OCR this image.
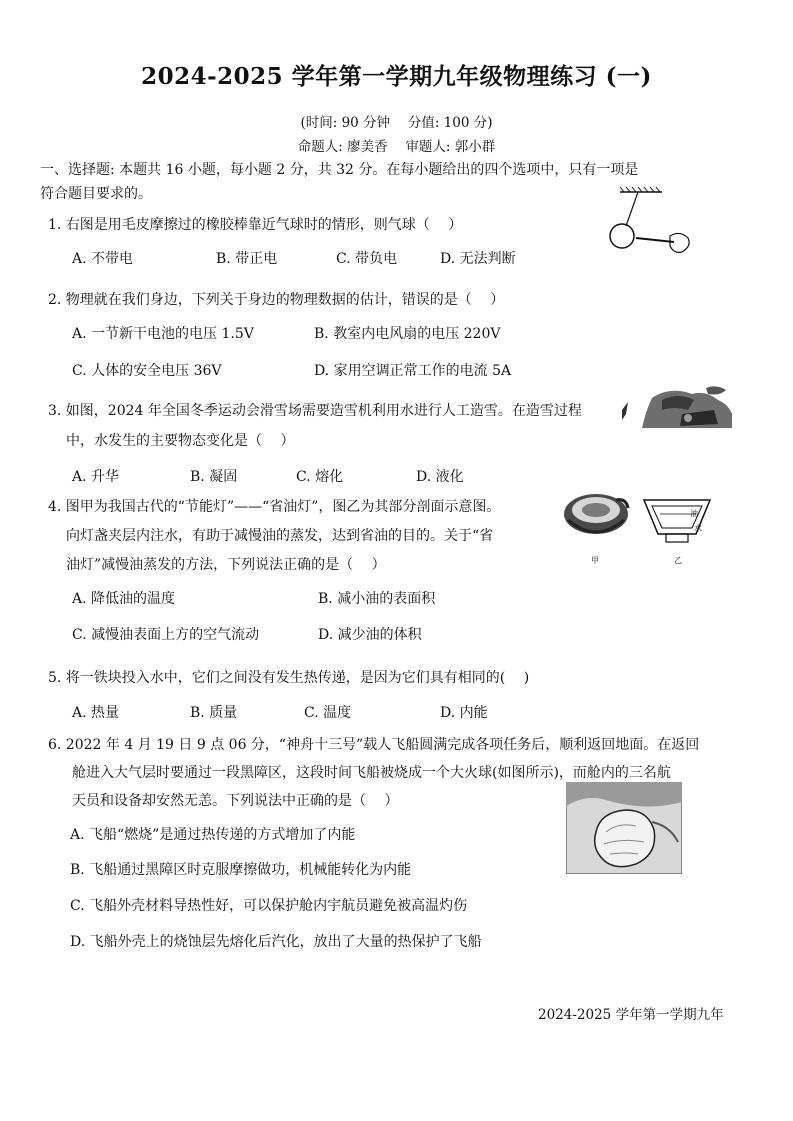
2024-2025 学年第一学期九年级物理练习 (一)
(时间: 90 分钟　 分值: 100 分)
命题人: 廖美香　 审题人: 郭小群
一、选择题: 本题共 16 小题，每小题 2 分，共 32 分。在每小题给出的四个选项中，只有一项是
符合题目要求的。
1. 右图是用毛皮摩擦过的橡胶棒靠近气球时的情形，则气球（　 ）
A. 不带电	B. 带正电	C. 带负电	D. 无法判断
2. 物理就在我们身边，下列关于身边的物理数据的估计，错误的是（　 ）
A. 一节新干电池的电压 1.5V	B. 教室内电风扇的电压 220V
C. 人体的安全电压 36V	D. 家用空调正常工作的电流 5A
3. 如图，2024 年全国冬季运动会滑雪场需要造雪机利用水进行人工造雪。在造雪过程
中，水发生的主要物态变化是（　 ）
A. 升华	B. 凝固	C. 熔化	D. 液化
4. 图甲为我国古代的“节能灯”——“省油灯”，图乙为其部分剖面示意图。
向灯盏夹层内注水，有助于减慢油的蒸发，达到省油的目的。关于“省
油灯”减慢油蒸发的方法，下列说法正确的是（　 ）
A. 降低油的温度	B. 减小油的表面积
C. 减慢油表面上方的空气流动	D. 减少油的体积
甲
油
水
乙
5. 将一铁块投入水中，它们之间没有发生热传递，是因为它们具有相同的(　 )
A. 热量	B. 质量	C. 温度	D. 内能
6. 2022 年 4 月 19 日 9 点 06 分，“神舟十三号”载人飞船圆满完成各项任务后，顺利返回地面。在返回
舱进入大气层时要通过一段黑障区，这段时间飞船被烧成一个大火球(如图所示)，而舱内的三名航
天员和设备却安然无恙。下列说法中正确的是（　 ）
A. 飞船“燃烧”是通过热传递的方式增加了内能
B. 飞船通过黑障区时克服摩擦做功，机械能转化为内能
C. 飞船外壳材料导热性好，可以保护舱内宇航员避免被高温灼伤
D. 飞船外壳上的烧蚀层先熔化后汽化，放出了大量的热保护了飞船
2024-2025 学年第一学期九年
